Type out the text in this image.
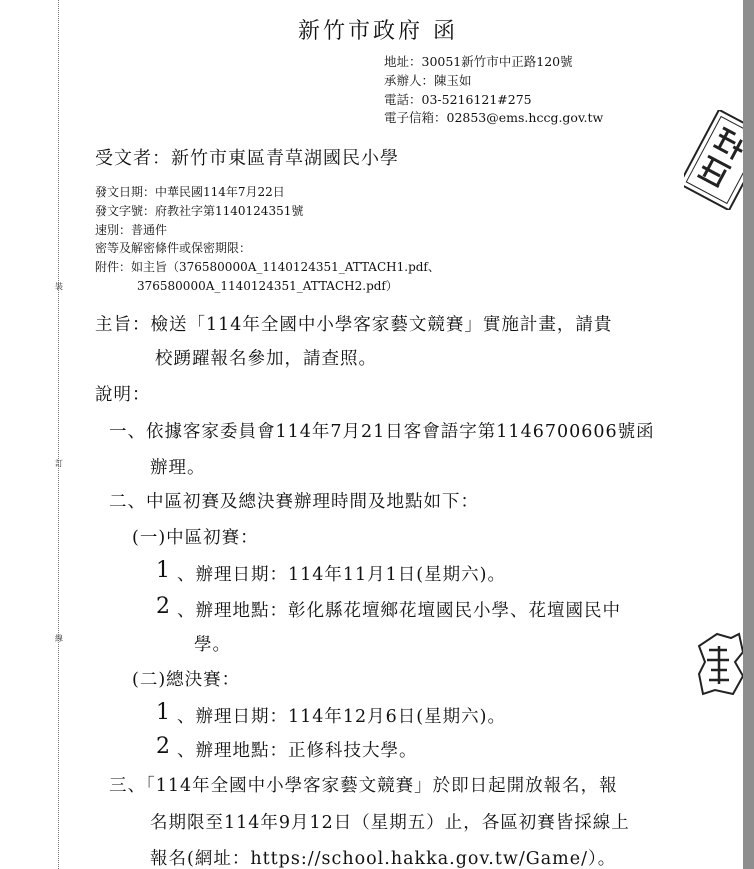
裝
訂
線
新竹市政府 函
地址：30051新竹市中正路120號
承辦人：陳玉如
電話：03-5216121#275
電子信箱：02853@ems.hccg.gov.tw
受文者：新竹市東區青草湖國民小學
發文日期：中華民國114年7月22日
發文字號：府教社字第1140124351號
速別：普通件
密等及解密條件或保密期限：
附件：如主旨（376580000A_1140124351_ATTACH1.pdf、
376580000A_1140124351_ATTACH2.pdf）
主旨：檢送「114年全國中小學客家藝文競賽」實施計畫，請貴
校踴躍報名參加，請查照。
說明：
一、依據客家委員會114年7月21日客會語字第1146700606號函
辦理。
二、中區初賽及總決賽辦理時間及地點如下：
(一)中區初賽：
1 、辦理日期：114年11月1日(星期六)。
2 、辦理地點：彰化縣花壇鄉花壇國民小學、花壇國民中
學。
(二)總決賽：
1 、辦理日期：114年12月6日(星期六)。
2 、辦理地點：正修科技大學。
三、「114年全國中小學客家藝文競賽」於即日起開放報名，報
名期限至114年9月12日（星期五）止，各區初賽皆採線上
報名(網址：https://school.hakka.gov.tw/Game/）。
